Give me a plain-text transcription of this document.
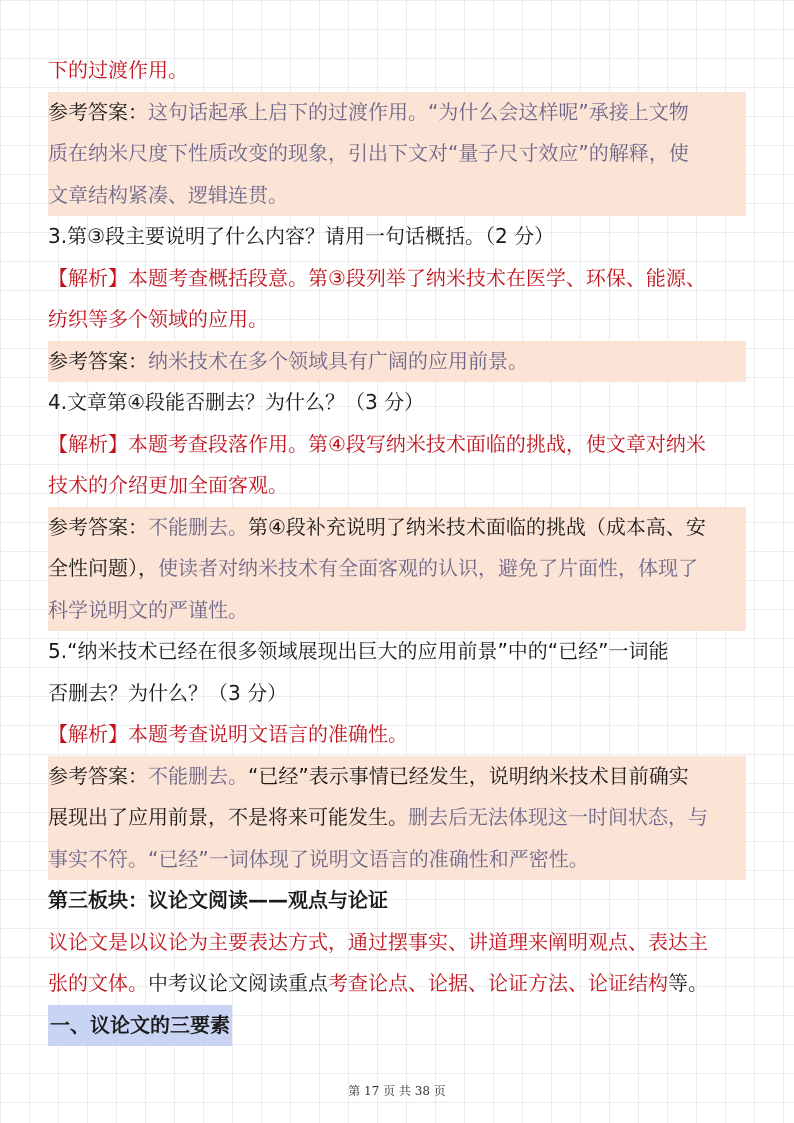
下的过渡作用。
参考答案：这句话起承上启下的过渡作用。“为什么会这样呢”承接上文物
质在纳米尺度下性质改变的现象，引出下文对“量子尺寸效应”的解释，使
文章结构紧凑、逻辑连贯。
3.第③段主要说明了什么内容？请用一句话概括。（2 分）
【解析】本题考查概括段意。第③段列举了纳米技术在医学、环保、能源、
纺织等多个领域的应用。
参考答案：纳米技术在多个领域具有广阔的应用前景。
4.文章第④段能否删去？为什么？（3 分）
【解析】本题考查段落作用。第④段写纳米技术面临的挑战，使文章对纳米
技术的介绍更加全面客观。
参考答案：不能删去。第④段补充说明了纳米技术面临的挑战（成本高、安
全性问题），使读者对纳米技术有全面客观的认识，避免了片面性，体现了
科学说明文的严谨性。
5.“纳米技术已经在很多领域展现出巨大的应用前景”中的“已经”一词能
否删去？为什么？（3 分）
【解析】本题考查说明文语言的准确性。
参考答案：不能删去。“已经”表示事情已经发生，说明纳米技术目前确实
展现出了应用前景，不是将来可能发生。删去后无法体现这一时间状态，与
事实不符。“已经”一词体现了说明文语言的准确性和严密性。
第三板块：议论文阅读——观点与论证
议论文是以议论为主要表达方式，通过摆事实、讲道理来阐明观点、表达主
张的文体。中考议论文阅读重点考查论点、论据、论证方法、论证结构等。
一、议论文的三要素
第 17 页 共 38 页
